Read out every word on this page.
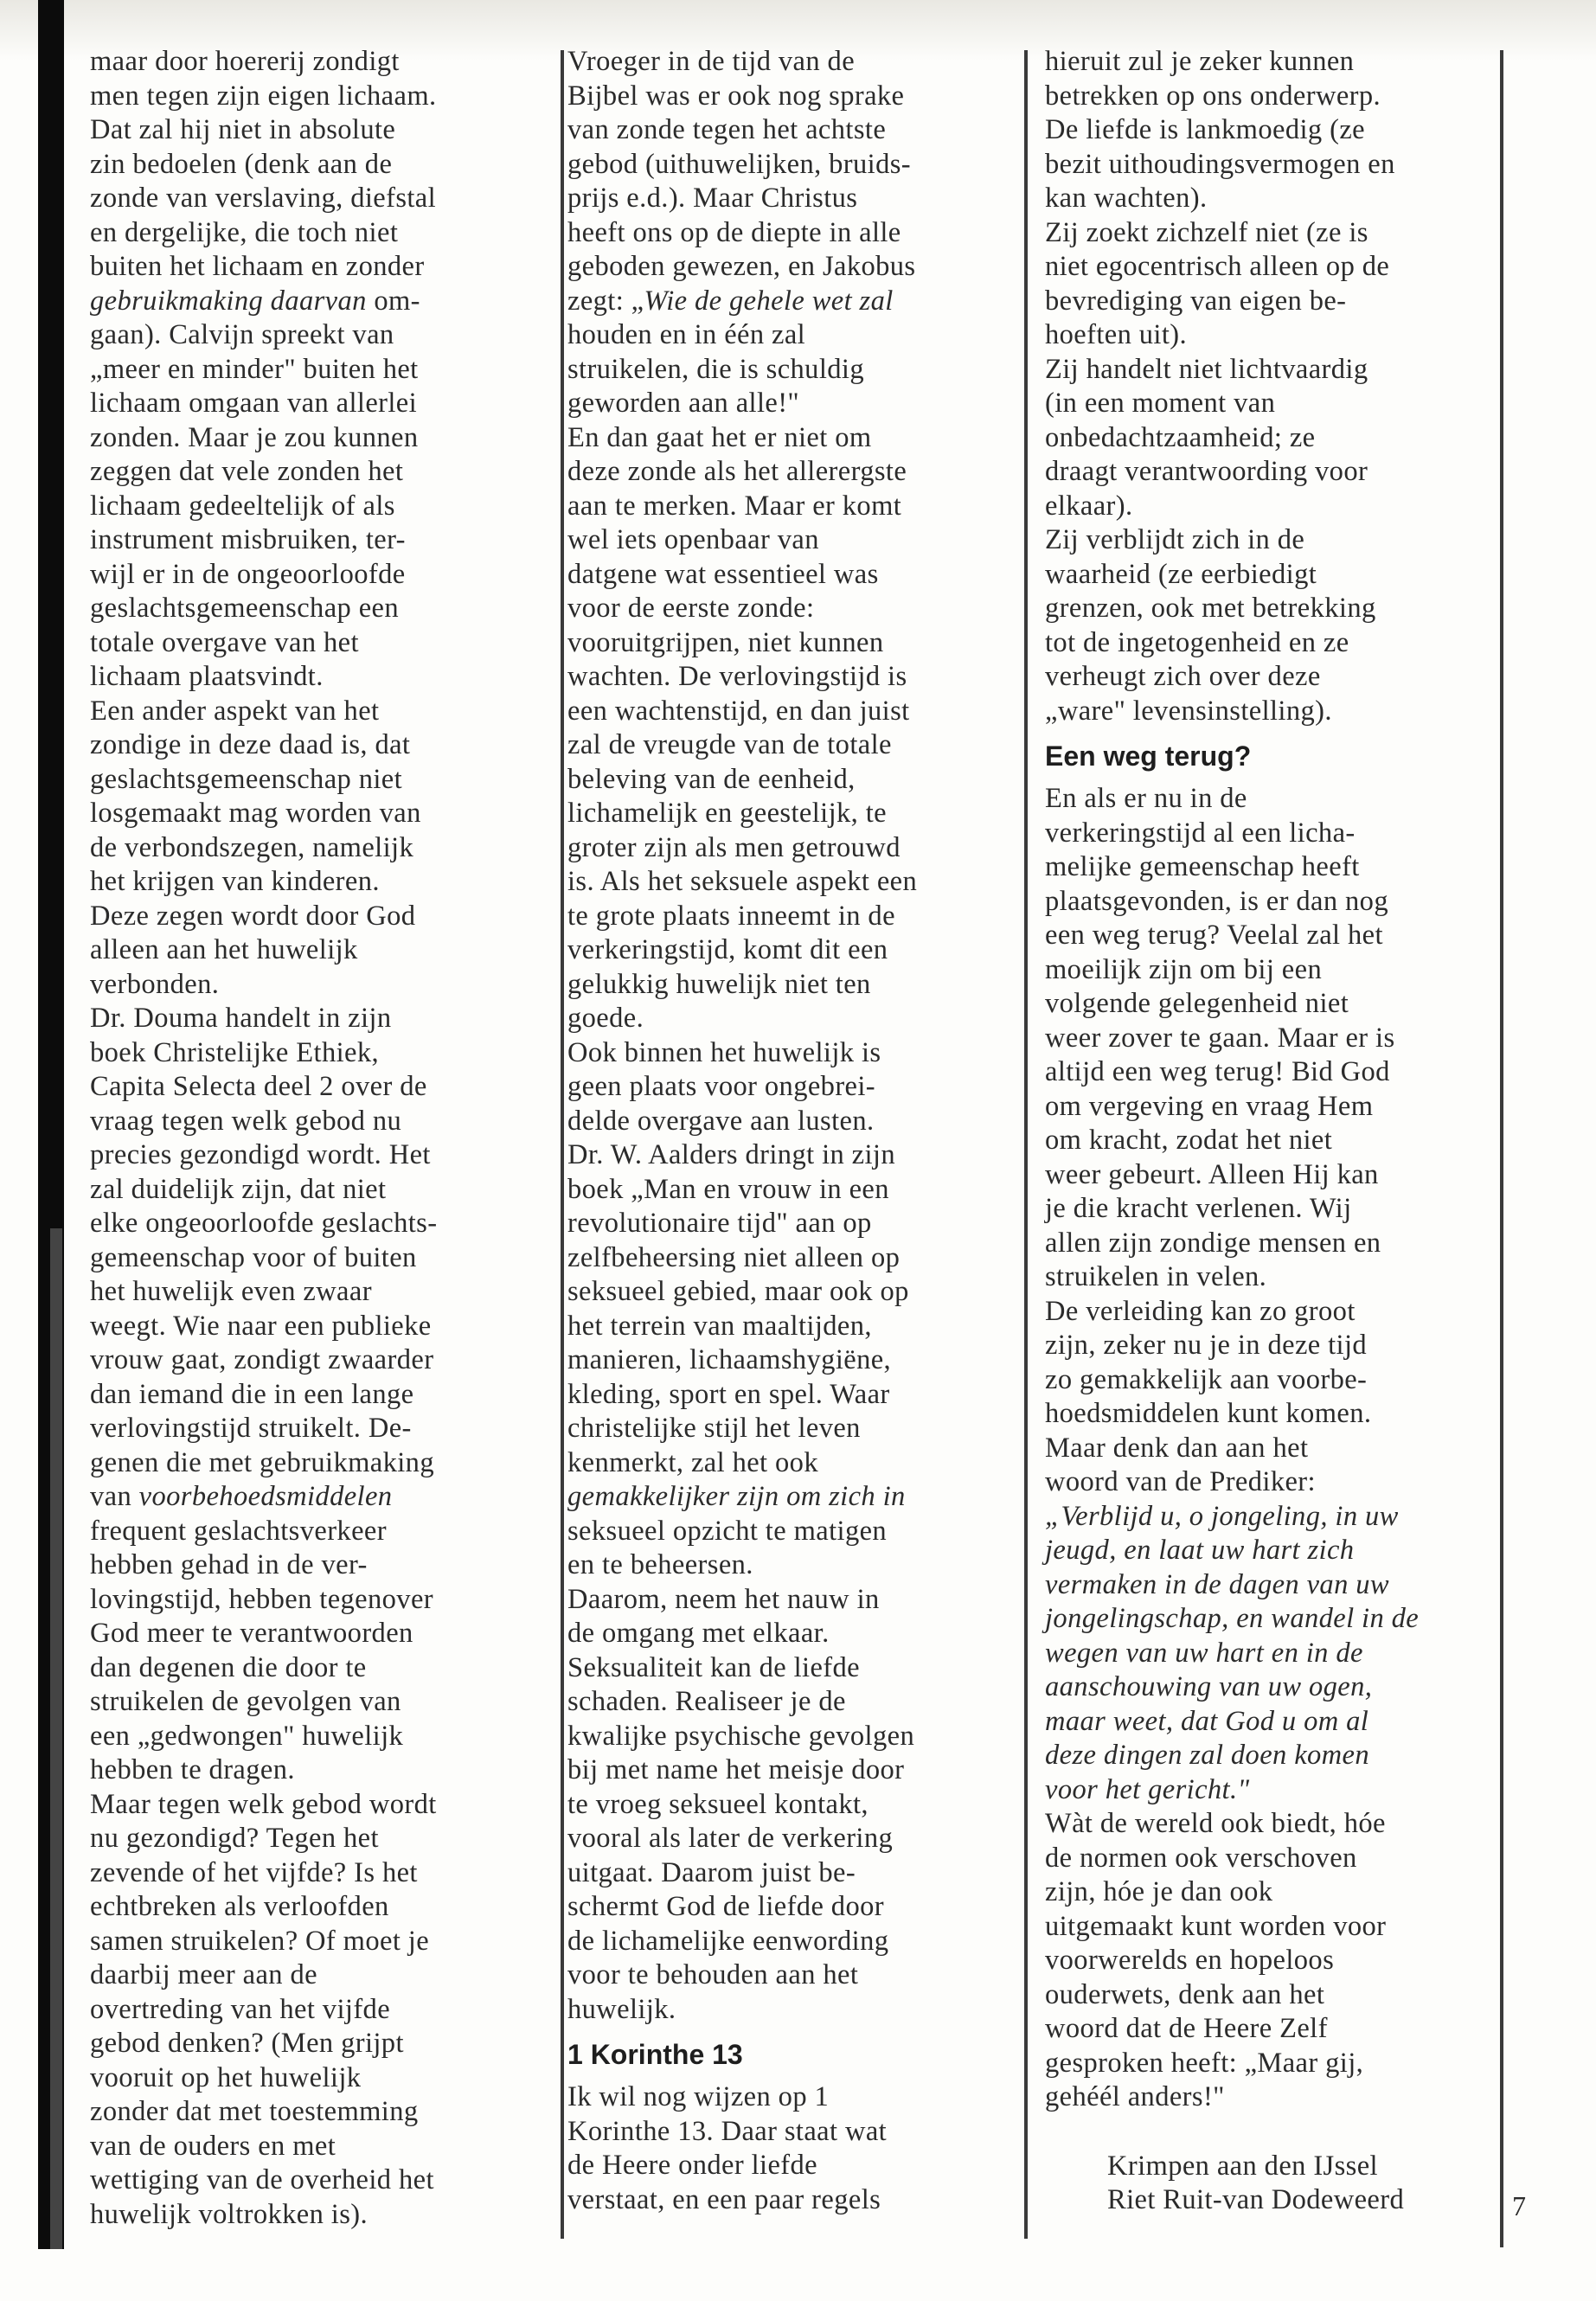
maar door hoererij zondigt
men tegen zijn eigen lichaam.
Dat zal hij niet in absolute
zin bedoelen (denk aan de
zonde van verslaving, diefstal
en dergelijke, die toch niet
buiten het lichaam en zonder
gebruikmaking daarvan om-
gaan). Calvijn spreekt van
„meer en minder" buiten het
lichaam omgaan van allerlei
zonden. Maar je zou kunnen
zeggen dat vele zonden het
lichaam gedeeltelijk of als
instrument misbruiken, ter-
wijl er in de ongeoorloofde
geslachtsgemeenschap een
totale overgave van het
lichaam plaatsvindt.
Een ander aspekt van het
zondige in deze daad is, dat
geslachtsgemeenschap niet
losgemaakt mag worden van
de verbondszegen, namelijk
het krijgen van kinderen.
Deze zegen wordt door God
alleen aan het huwelijk
verbonden.
Dr. Douma handelt in zijn
boek Christelijke Ethiek,
Capita Selecta deel 2 over de
vraag tegen welk gebod nu
precies gezondigd wordt. Het
zal duidelijk zijn, dat niet
elke ongeoorloofde geslachts-
gemeenschap voor of buiten
het huwelijk even zwaar
weegt. Wie naar een publieke
vrouw gaat, zondigt zwaarder
dan iemand die in een lange
verlovingstijd struikelt. De-
genen die met gebruikmaking
van voorbehoedsmiddelen
frequent geslachtsverkeer
hebben gehad in de ver-
lovingstijd, hebben tegenover
God meer te verantwoorden
dan degenen die door te
struikelen de gevolgen van
een „gedwongen" huwelijk
hebben te dragen.
Maar tegen welk gebod wordt
nu gezondigd? Tegen het
zevende of het vijfde? Is het
echtbreken als verloofden
samen struikelen? Of moet je
daarbij meer aan de
overtreding van het vijfde
gebod denken? (Men grijpt
vooruit op het huwelijk
zonder dat met toestemming
van de ouders en met
wettiging van de overheid het
huwelijk voltrokken is).
Vroeger in de tijd van de
Bijbel was er ook nog sprake
van zonde tegen het achtste
gebod (uithuwelijken, bruids-
prijs e.d.). Maar Christus
heeft ons op de diepte in alle
geboden gewezen, en Jakobus
zegt: „Wie de gehele wet zal
houden en in één zal
struikelen, die is schuldig
geworden aan alle!"
En dan gaat het er niet om
deze zonde als het allerergste
aan te merken. Maar er komt
wel iets openbaar van
datgene wat essentieel was
voor de eerste zonde:
vooruitgrijpen, niet kunnen
wachten. De verlovingstijd is
een wachtenstijd, en dan juist
zal de vreugde van de totale
beleving van de eenheid,
lichamelijk en geestelijk, te
groter zijn als men getrouwd
is. Als het seksuele aspekt een
te grote plaats inneemt in de
verkeringstijd, komt dit een
gelukkig huwelijk niet ten
goede.
Ook binnen het huwelijk is
geen plaats voor ongebrei-
delde overgave aan lusten.
Dr. W. Aalders dringt in zijn
boek „Man en vrouw in een
revolutionaire tijd" aan op
zelfbeheersing niet alleen op
seksueel gebied, maar ook op
het terrein van maaltijden,
manieren, lichaamshygiëne,
kleding, sport en spel. Waar
christelijke stijl het leven
kenmerkt, zal het ook
gemakkelijker zijn om zich in
seksueel opzicht te matigen
en te beheersen.
Daarom, neem het nauw in
de omgang met elkaar.
Seksualiteit kan de liefde
schaden. Realiseer je de
kwalijke psychische gevolgen
bij met name het meisje door
te vroeg seksueel kontakt,
vooral als later de verkering
uitgaat. Daarom juist be-
schermt God de liefde door
de lichamelijke eenwording
voor te behouden aan het
huwelijk.
1 Korinthe 13
Ik wil nog wijzen op 1
Korinthe 13. Daar staat wat
de Heere onder liefde
verstaat, en een paar regels
hieruit zul je zeker kunnen
betrekken op ons onderwerp.
De liefde is lankmoedig (ze
bezit uithoudingsvermogen en
kan wachten).
Zij zoekt zichzelf niet (ze is
niet egocentrisch alleen op de
bevrediging van eigen be-
hoeften uit).
Zij handelt niet lichtvaardig
(in een moment van
onbedachtzaamheid; ze
draagt verantwoording voor
elkaar).
Zij verblijdt zich in de
waarheid (ze eerbiedigt
grenzen, ook met betrekking
tot de ingetogenheid en ze
verheugt zich over deze
„ware" levensinstelling).
Een weg terug?
En als er nu in de
verkeringstijd al een licha-
melijke gemeenschap heeft
plaatsgevonden, is er dan nog
een weg terug? Veelal zal het
moeilijk zijn om bij een
volgende gelegenheid niet
weer zover te gaan. Maar er is
altijd een weg terug! Bid God
om vergeving en vraag Hem
om kracht, zodat het niet
weer gebeurt. Alleen Hij kan
je die kracht verlenen. Wij
allen zijn zondige mensen en
struikelen in velen.
De verleiding kan zo groot
zijn, zeker nu je in deze tijd
zo gemakkelijk aan voorbe-
hoedsmiddelen kunt komen.
Maar denk dan aan het
woord van de Prediker:
„Verblijd u, o jongeling, in uw
jeugd, en laat uw hart zich
vermaken in de dagen van uw
jongelingschap, en wandel in de
wegen van uw hart en in de
aanschouwing van uw ogen,
maar weet, dat God u om al
deze dingen zal doen komen
voor het gericht."
Wàt de wereld ook biedt, hóe
de normen ook verschoven
zijn, hóe je dan ook
uitgemaakt kunt worden voor
voorwerelds en hopeloos
ouderwets, denk aan het
woord dat de Heere Zelf
gesproken heeft: „Maar gij,
gehéél anders!"
Krimpen aan den IJssel
Riet Ruit-van Dodeweerd	7
